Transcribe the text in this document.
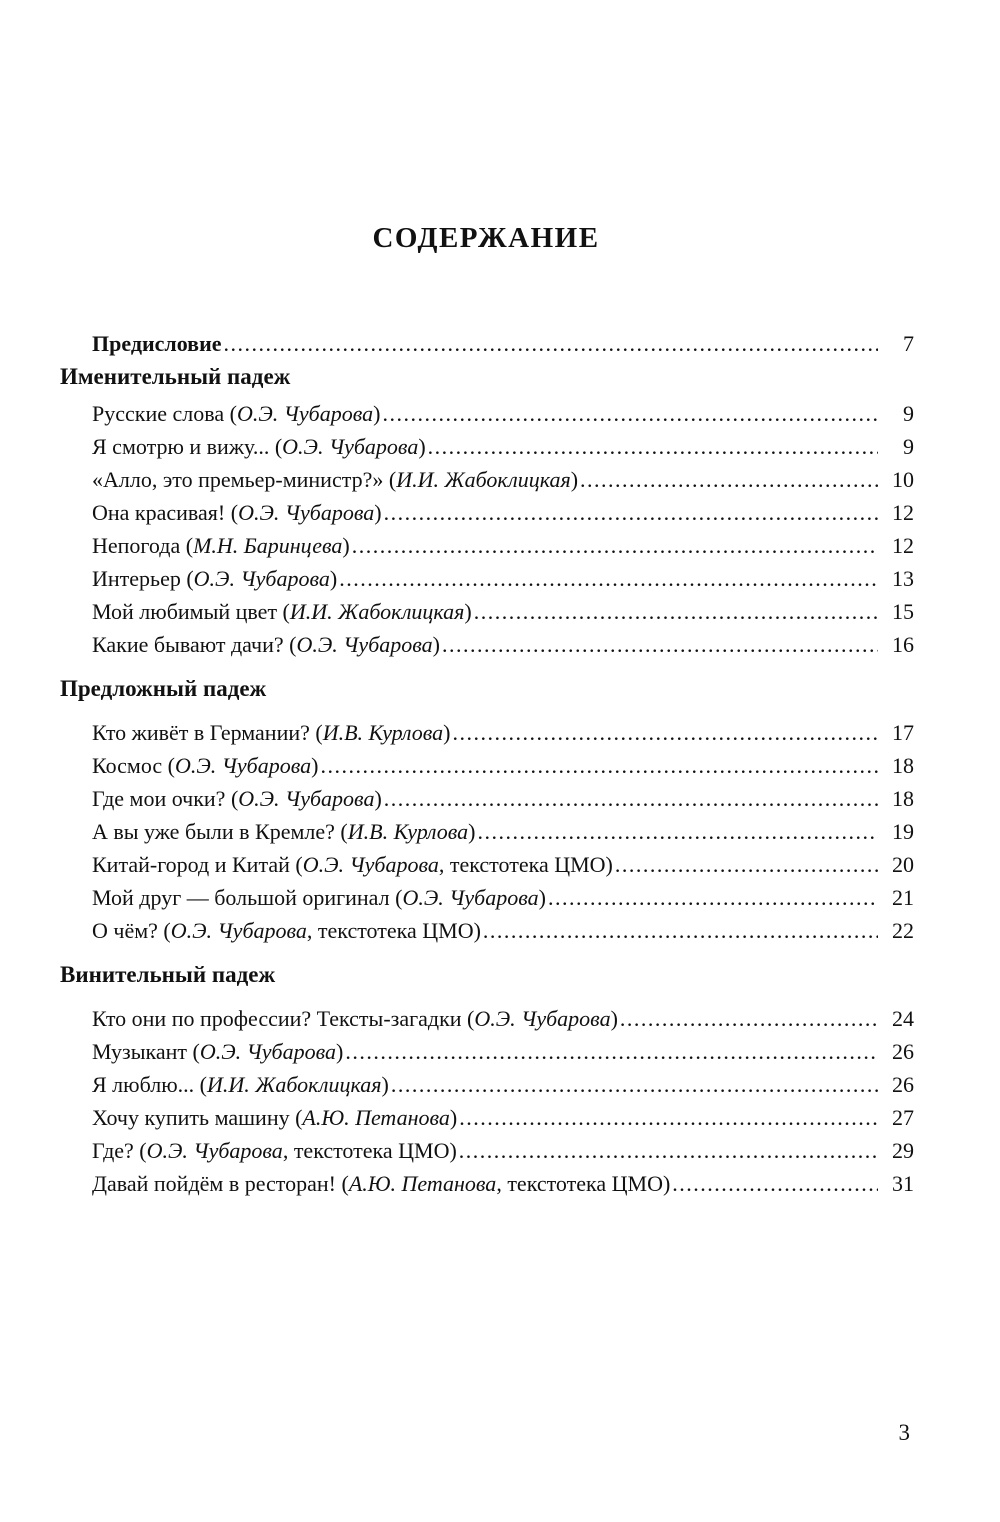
СОДЕРЖАНИЕ
Предисловие .....	7
Именительный падеж
Русские слова (О.Э. Чубарова) .....	9
Я смотрю и вижу... (О.Э. Чубарова) .....	9
«Алло, это премьер-министр?» (И.И. Жабоклицкая) .....	10
Она красивая! (О.Э. Чубарова) .....	12
Непогода (М.Н. Баринцева) .....	12
Интерьер (О.Э. Чубарова) .....	13
Мой любимый цвет (И.И. Жабоклицкая) .....	15
Какие бывают дачи? (О.Э. Чубарова) .....	16
Предложный падеж
Кто живёт в Германии? (И.В. Курлова) .....	17
Космос (О.Э. Чубарова) .....	18
Где мои очки? (О.Э. Чубарова) .....	18
А вы уже были в Кремле? (И.В. Курлова) .....	19
Китай-город и Китай (О.Э. Чубарова, текстотека ЦМО) .....	20
Мой друг — большой оригинал (О.Э. Чубарова) .....	21
О чём? (О.Э. Чубарова, текстотека ЦМО) .....	22
Винительный падеж
Кто они по профессии? Тексты-загадки (О.Э. Чубарова) .....	24
Музыкант (О.Э. Чубарова) .....	26
Я люблю... (И.И. Жабоклицкая) .....	26
Хочу купить машину (А.Ю. Петанова) .....	27
Где? (О.Э. Чубарова, текстотека ЦМО) .....	29
Давай пойдём в ресторан! (А.Ю. Петанова, текстотека ЦМО) .....	31
3
